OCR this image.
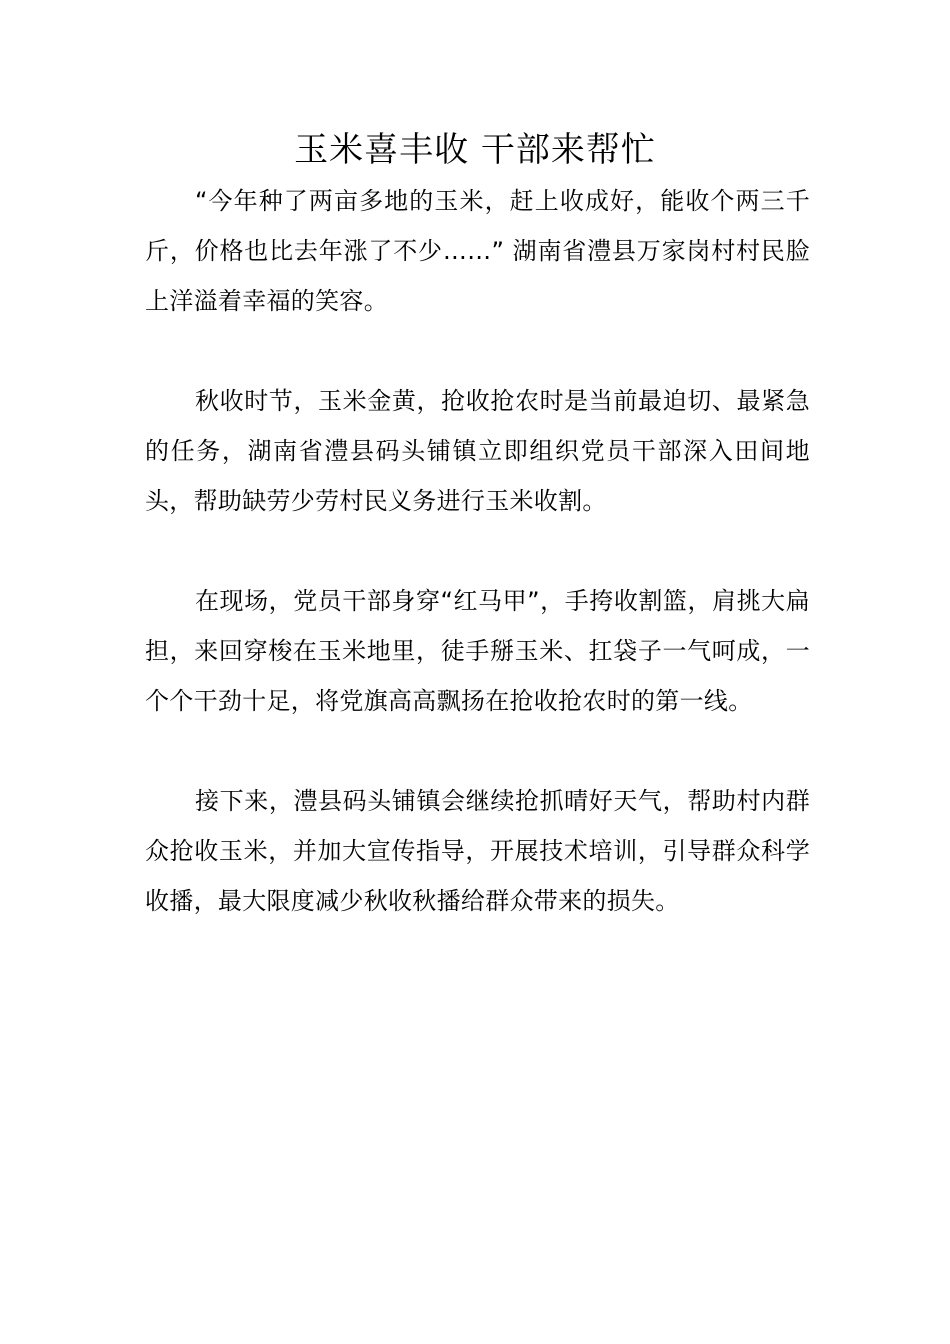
玉米喜丰收 干部来帮忙

“今年种了两亩多地的玉米，赶上收成好，能收个两三千斤，价格也比去年涨了不少……” 湖南省澧县万家岗村村民脸上洋溢着幸福的笑容。

秋收时节，玉米金黄，抢收抢农时是当前最迫切、最紧急的任务，湖南省澧县码头铺镇立即组织党员干部深入田间地头，帮助缺劳少劳村民义务进行玉米收割。

在现场，党员干部身穿“红马甲”，手挎收割篮，肩挑大扁担，来回穿梭在玉米地里，徒手掰玉米、扛袋子一气呵成，一个个干劲十足，将党旗高高飘扬在抢收抢农时的第一线。

接下来，澧县码头铺镇会继续抢抓晴好天气，帮助村内群众抢收玉米，并加大宣传指导，开展技术培训，引导群众科学收播，最大限度减少秋收秋播给群众带来的损失。
